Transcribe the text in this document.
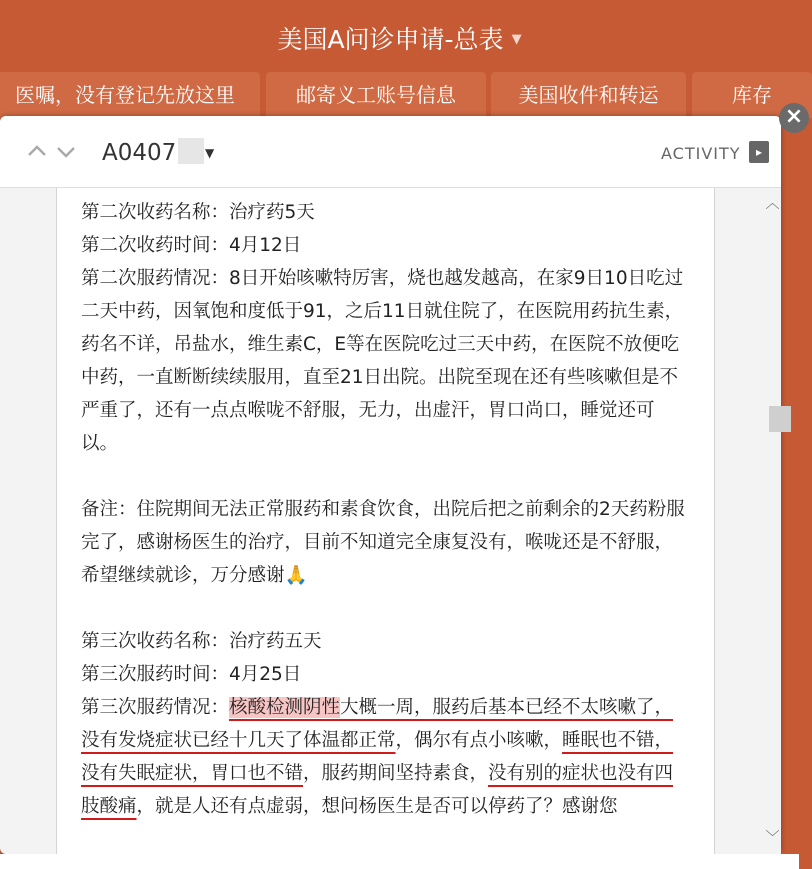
美国A问诊申请-总表 ▼
医嘱，没有登记先放这里	邮寄义工账号信息	美国收件和转运	库存
A0407	▼	ACTIVITY	▸

第二次收药名称：治疗药5天

第二次收药时间：4月12日

第二次服药情况：8日开始咳嗽特厉害，烧也越发越高，在家9日10日吃过二天中药，因氧饱和度低于91，之后11日就住院了，在医院用药抗生素，药名不详，吊盐水，维生素C，E等在医院吃过三天中药，在医院不放便吃中药，一直断断续续服用，直至21日出院。出院至现在还有些咳嗽但是不严重了，还有一点点喉咙不舒服，无力，出虚汗，胃口尚口，睡觉还可以。

备注：住院期间无法正常服药和素食饮食，出院后把之前剩余的2天药粉服完了，感谢杨医生的治疗，目前不知道完全康复没有，喉咙还是不舒服，希望继续就诊，万分感谢🙏

第三次收药名称：治疗药五天

第三次服药时间：4月25日

第三次服药情况：核酸检测阴性大概一周，服药后基本已经不太咳嗽了，没有发烧症状已经十几天了体温都正常，偶尔有点小咳嗽，睡眠也不错，没有失眠症状，胃口也不错，服药期间坚持素食，没有别的症状也没有四肢酸痛，就是人还有点虚弱，想问杨医生是否可以停药了？感谢您

︿
﹀
×
